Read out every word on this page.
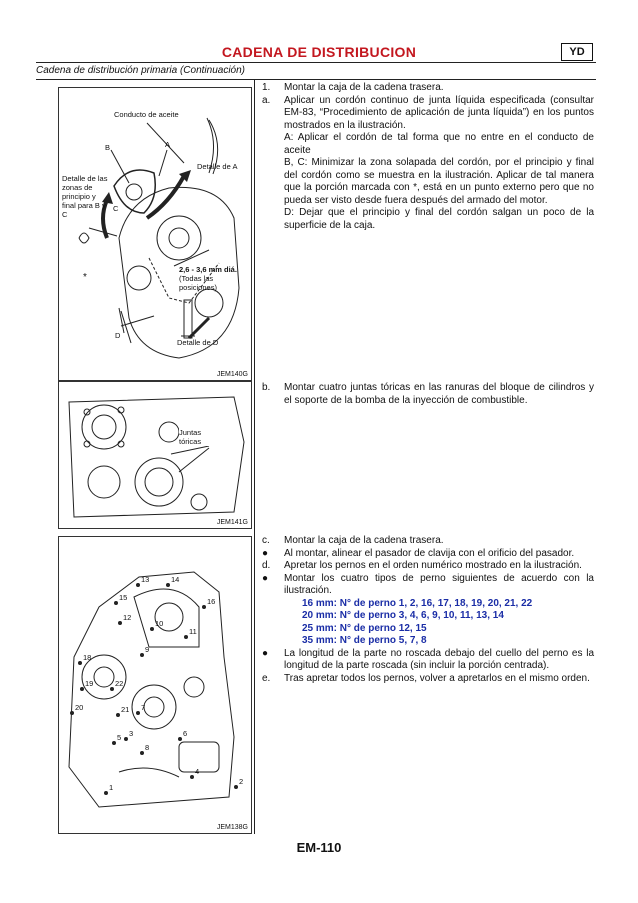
CADENA DE DISTRIBUCION	YD
Cadena de distribución primaria (Continuación)
Conducto de aceite
B	A
Detalle de A
Detalle de las zonas de principio y final para B y C
C
*
2,6 - 3,6 mm diá.
(Todas las posiciones)
D
Detalle de D
JEM140G
Juntas tóricas
JEM141G
13	14
15	16
12
10
11
9
18
19	22
20	21 7
3
5
8
6
4
1
2
JEM138G
1.	Montar la caja de la cadena trasera.
a.	Aplicar un cordón continuo de junta líquida especificada (consultar EM-83, “Procedimiento de aplicación de junta líquida”) en los puntos mostrados en la ilustración.
A: Aplicar el cordón de tal forma que no entre en el conducto de aceite
B, C: Minimizar la zona solapada del cordón, por el principio y final del cordón como se muestra en la ilustración. Aplicar de tal manera que la porción marcada con *, está en un punto externo pero que no pueda ser visto desde fuera después del armado del motor.
D: Dejar que el principio y final del cordón salgan un poco de la superficie de la caja.
b.	Montar cuatro juntas tóricas en las ranuras del bloque de cilindros y el soporte de la bomba de la inyección de combustible.
c.	Montar la caja de la cadena trasera.
●	Al montar, alinear el pasador de clavija con el orificio del pasador.
d.	Apretar los pernos en el orden numérico mostrado en la ilustración.
●	Montar los cuatro tipos de perno siguientes de acuerdo con la ilustración.
16 mm: N° de perno 1, 2, 16, 17, 18, 19, 20, 21, 22
20 mm: N° de perno 3, 4, 6, 9, 10, 11, 13, 14
25 mm: N° de perno 12, 15
35 mm: N° de perno 5, 7, 8
●	La longitud de la parte no roscada debajo del cuello del perno es la longitud de la parte roscada (sin incluir la porción centrada).
e.	Tras apretar todos los pernos, volver a apretarlos en el mismo orden.
EM-110
